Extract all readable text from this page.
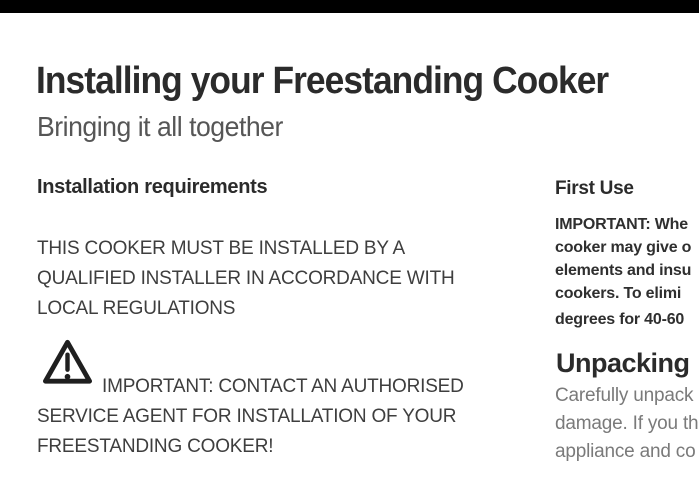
Installing your Freestanding Cooker
Bringing it all together
Installation requirements
THIS COOKER MUST BE INSTALLED BY A
QUALIFIED INSTALLER IN ACCORDANCE WITH
LOCAL REGULATIONS
IMPORTANT: CONTACT AN AUTHORISED
SERVICE AGENT FOR INSTALLATION OF YOUR
FREESTANDING COOKER!
First Use
IMPORTANT: Whe
cooker may give o
elements and insu
cookers. To elimi
degrees for 40-60
Unpacking
Carefully unpack
damage. If you th
appliance and co
